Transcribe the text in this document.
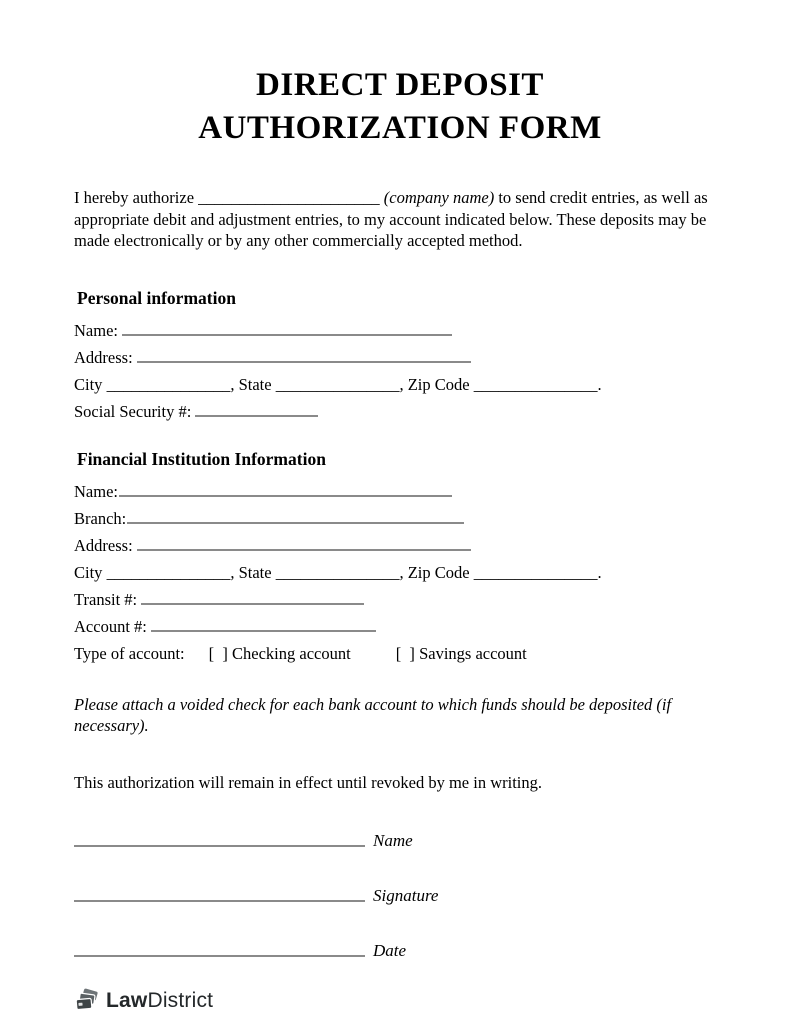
DIRECT DEPOSIT
AUTHORIZATION FORM

I hereby authorize ______________________ (company name) to send credit entries, as well as appropriate debit and adjustment entries, to my account indicated below. These deposits may be made electronically or by any other commercially accepted method.

Personal information
Name:
Address:
City _______________, State _______________, Zip Code _______________.
Social Security #:
Financial Institution Information
Name:
Branch:
Address:
City _______________, State _______________, Zip Code _______________.
Transit #:
Account #:
Type of account: [  ] Checking account	[  ] Savings account

Please attach a voided check for each bank account to which funds should be deposited (if necessary).

This authorization will remain in effect until revoked by me in writing.

Name
Signature
Date
LawDistrict
